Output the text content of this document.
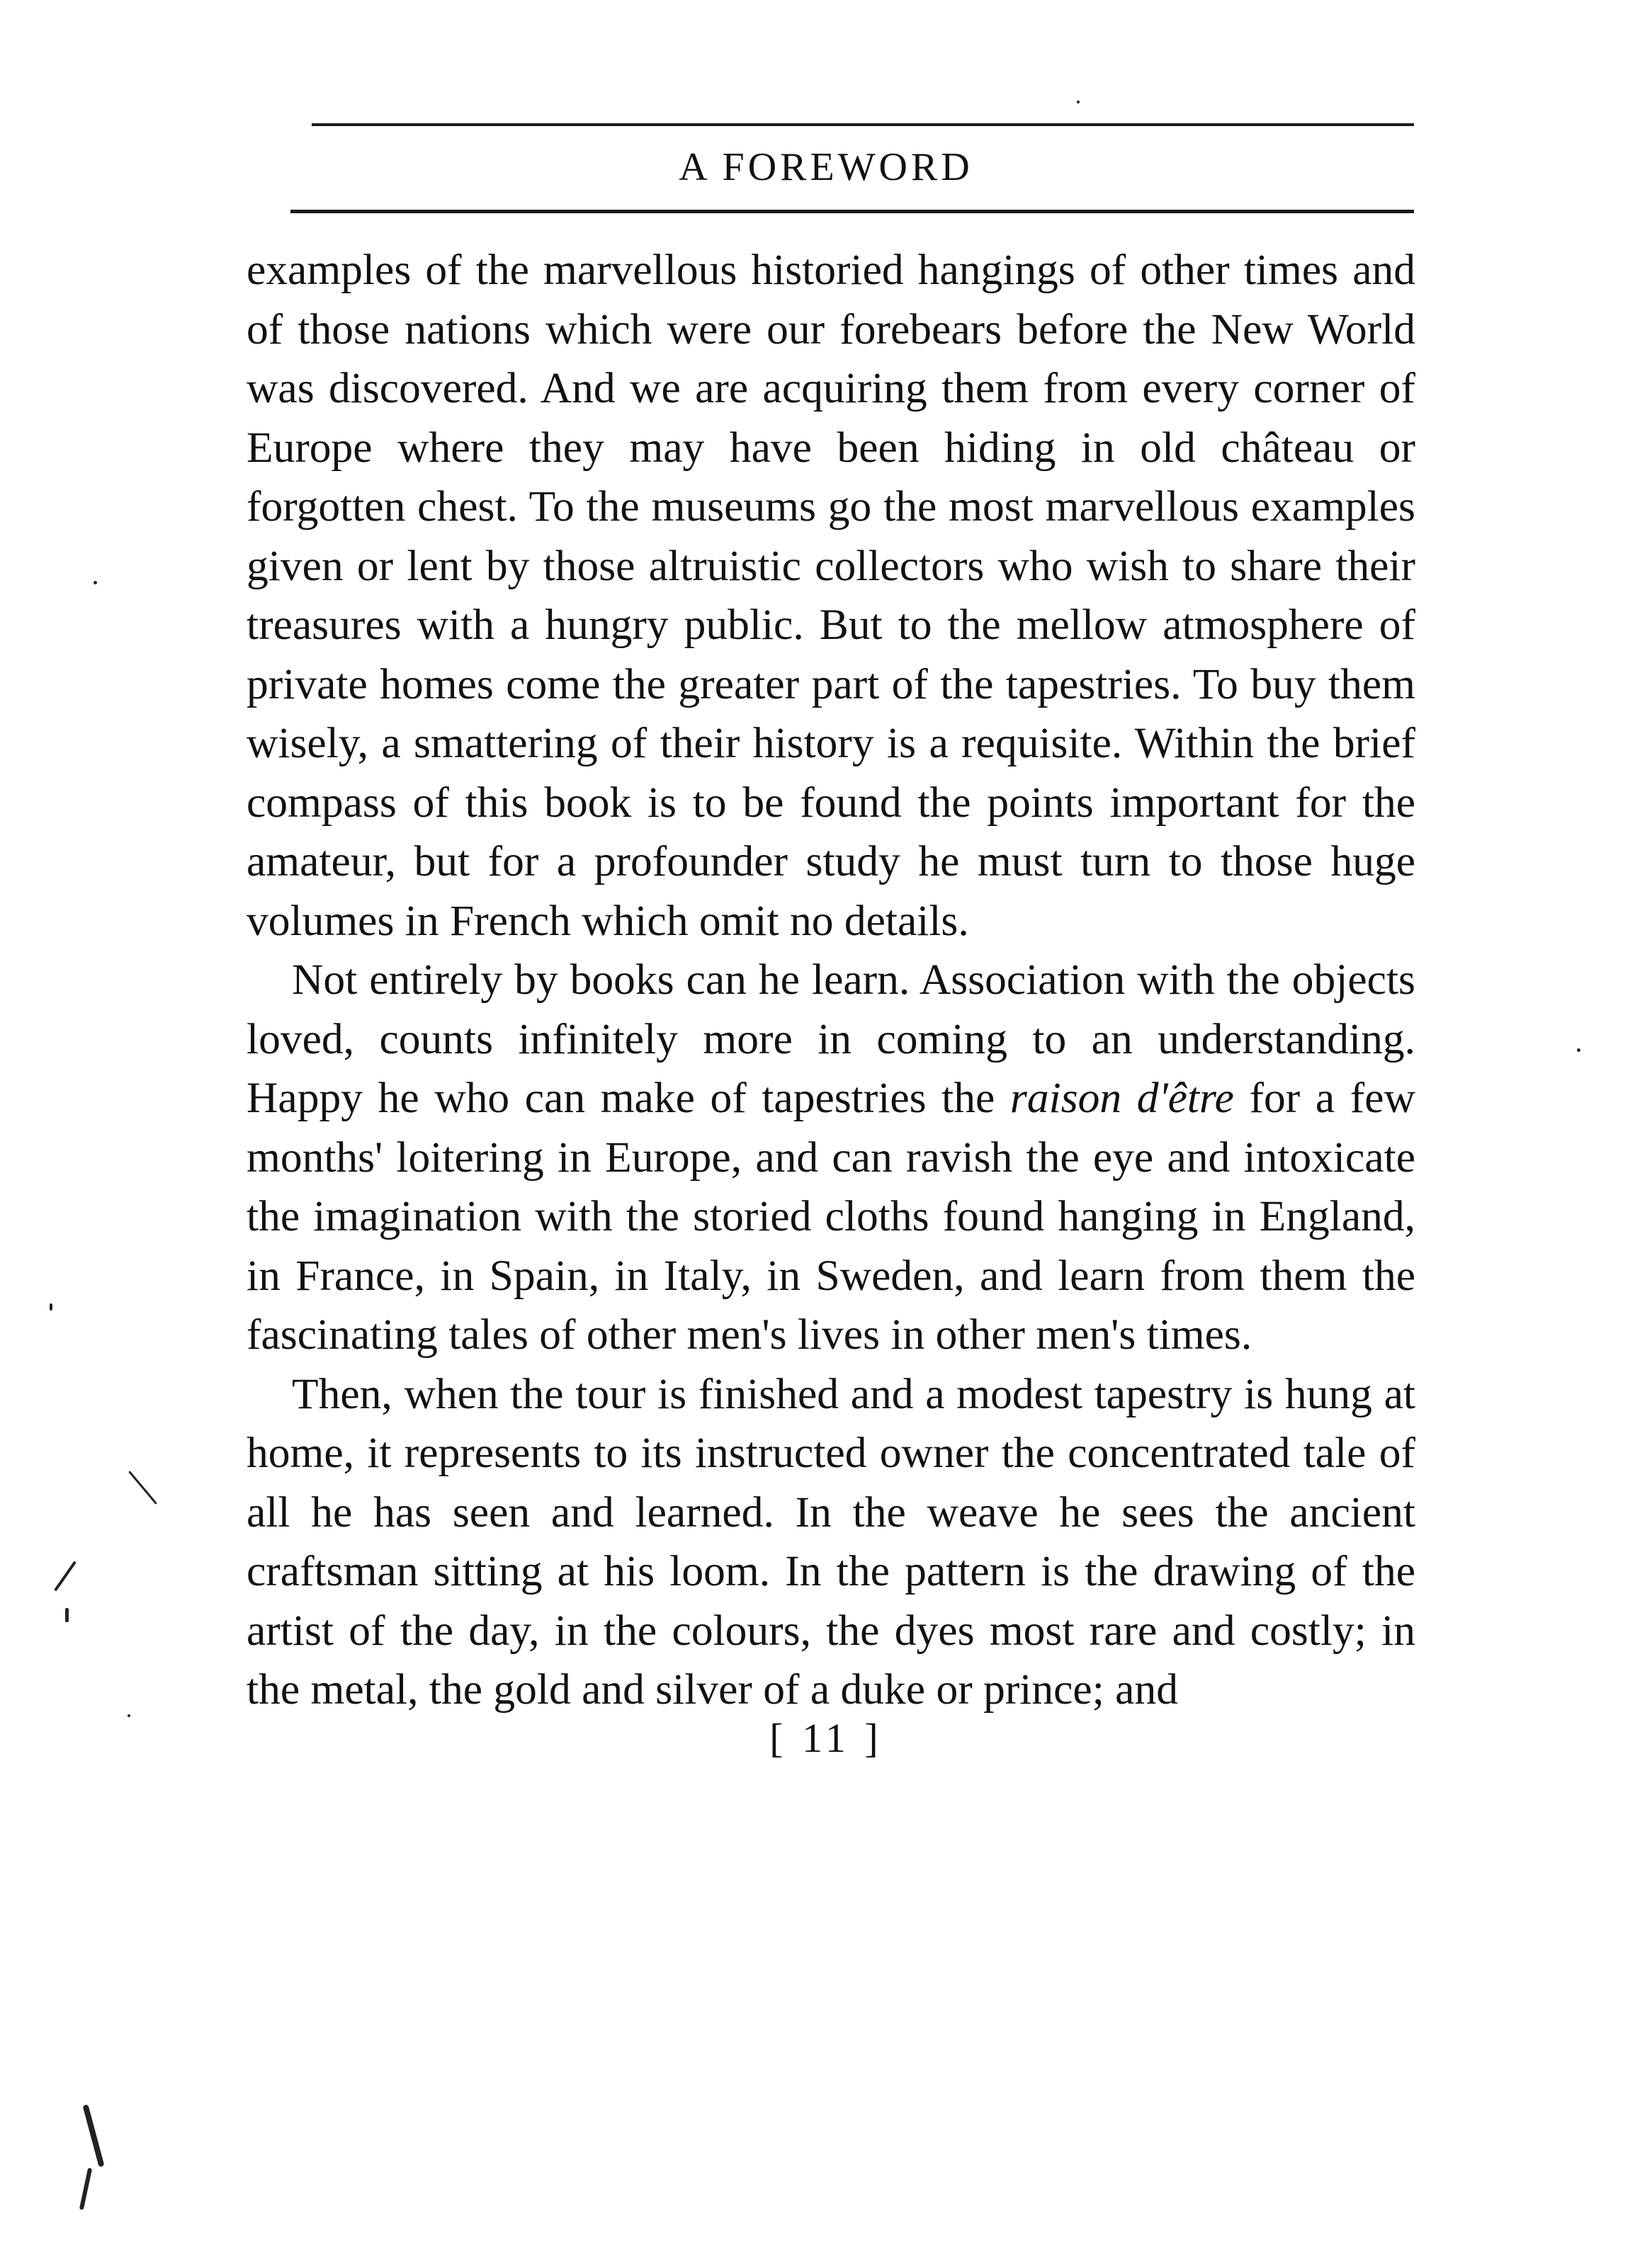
A FOREWORD

examples of the marvellous historied hangings of other times and of those nations which were our forebears before the New World was discovered. And we are acquiring them from every corner of Europe where they may have been hiding in old château or forgotten chest. To the museums go the most marvellous examples given or lent by those altruistic collectors who wish to share their treasures with a hungry public. But to the mellow atmosphere of private homes come the greater part of the tapestries. To buy them wisely, a smattering of their history is a requisite. Within the brief compass of this book is to be found the points important for the amateur, but for a profounder study he must turn to those huge volumes in French which omit no details.

Not entirely by books can he learn. Association with the objects loved, counts infinitely more in coming to an understanding. Happy he who can make of tapestries the raison d'être for a few months' loitering in Europe, and can ravish the eye and intoxicate the imagination with the storied cloths found hanging in England, in France, in Spain, in Italy, in Sweden, and learn from them the fascinating tales of other men's lives in other men's times.

Then, when the tour is finished and a modest tapestry is hung at home, it represents to its instructed owner the concentrated tale of all he has seen and learned. In the weave he sees the ancient craftsman sitting at his loom. In the pattern is the drawing of the artist of the day, in the colours, the dyes most rare and costly; in the metal, the gold and silver of a duke or prince; and

[ 11 ]
